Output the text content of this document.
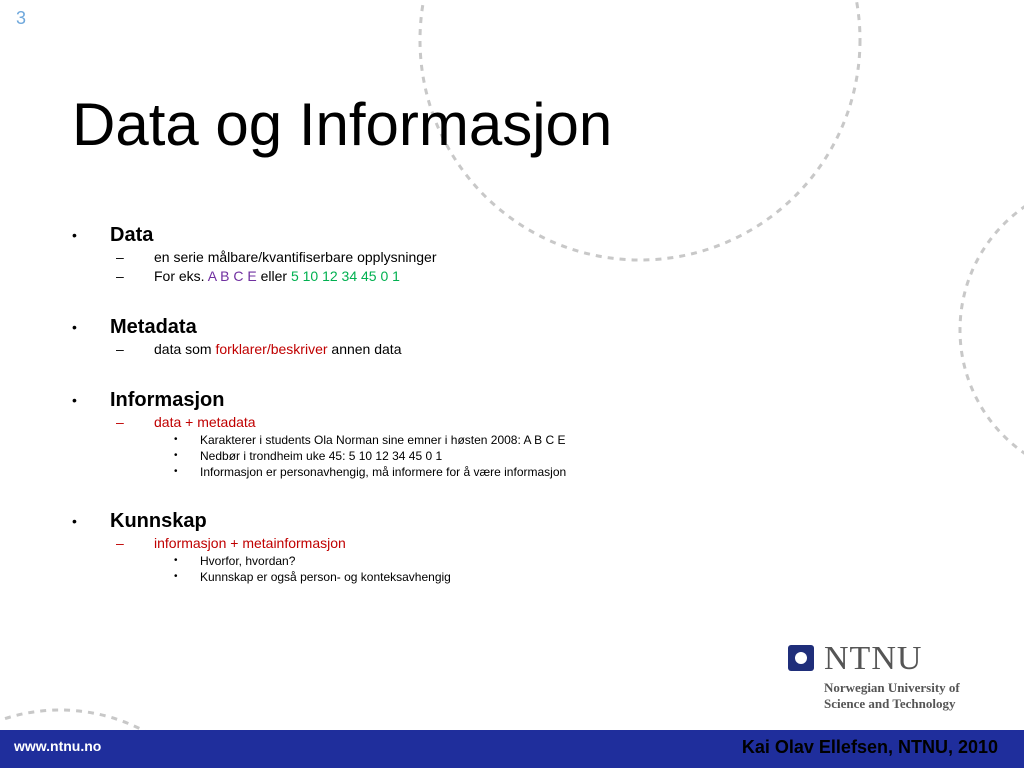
3
Data og Informasjon
• Data
– en serie målbare/kvantifiserbare opplysninger
– For eks. A B C E eller 5 10 12 34 45 0 1
• Metadata
– data som forklarer/beskriver annen data
• Informasjon
– data + metadata
• Karakterer i students Ola Norman sine emner i høsten 2008: A B C E
• Nedbør i trondheim uke 45: 5 10 12 34 45 0 1
• Informasjon er personavhengig, må informere for å være informasjon
• Kunnskap
– informasjon + metainformasjon
• Hvorfor, hvordan?
• Kunnskap er også person- og konteksavhengig
NTNU
Norwegian University of
Science and Technology
www.ntnu.no	Kai Olav Ellefsen, NTNU, 2010
